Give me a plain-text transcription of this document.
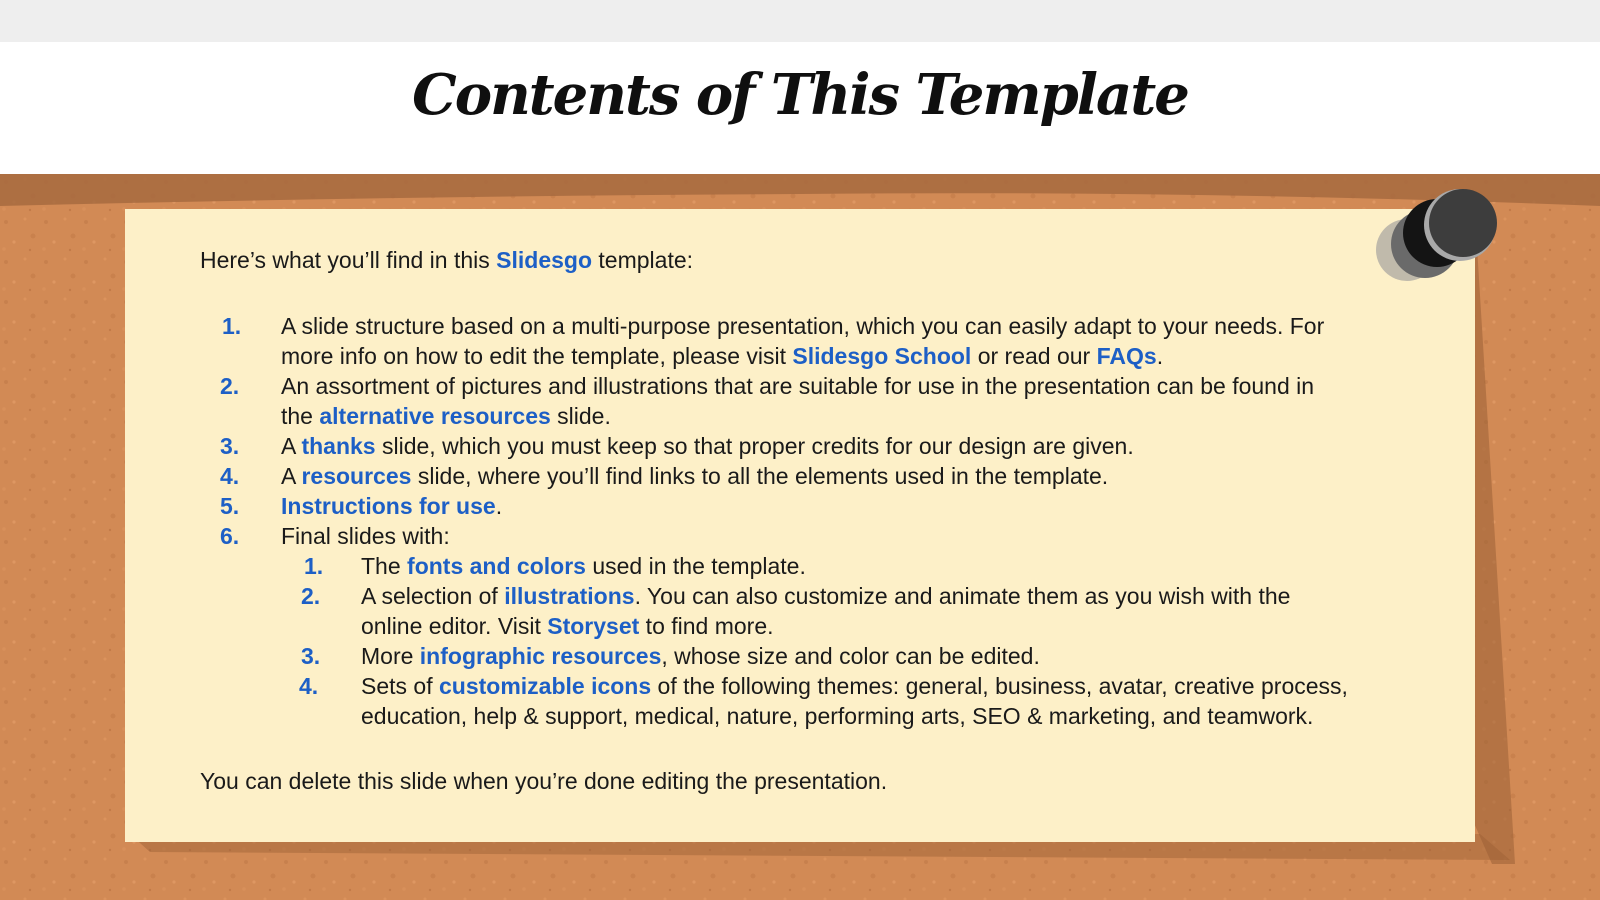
Contents of This Template
Here’s what you’ll find in this Slidesgo template:
1. A slide structure based on a multi-purpose presentation, which you can easily adapt to your needs. For
more info on how to edit the template, please visit Slidesgo School or read our FAQs.
2. An assortment of pictures and illustrations that are suitable for use in the presentation can be found in
the alternative resources slide.
3. A thanks slide, which you must keep so that proper credits for our design are given.
4. A resources slide, where you’ll find links to all the elements used in the template.
5. Instructions for use.
6. Final slides with:
1. The fonts and colors used in the template.
2. A selection of illustrations. You can also customize and animate them as you wish with the
online editor. Visit Storyset to find more.
3. More infographic resources, whose size and color can be edited.
4. Sets of customizable icons of the following themes: general, business, avatar, creative process,
education, help & support, medical, nature, performing arts, SEO & marketing, and teamwork.
You can delete this slide when you’re done editing the presentation.
